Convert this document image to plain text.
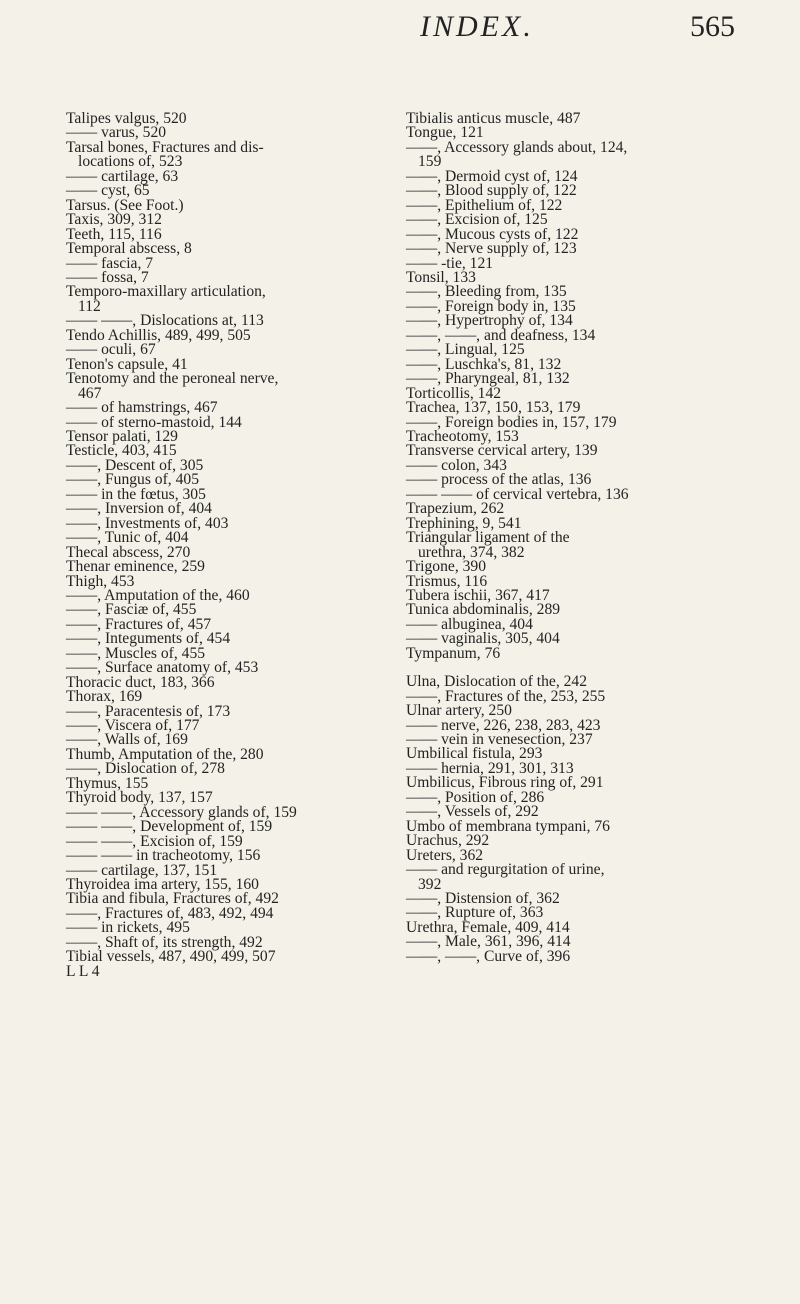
INDEX.	565
Talipes valgus, 520
—— varus, 520
Tarsal bones, Fractures and dis-
locations of, 523
—— cartilage, 63
—— cyst, 65
Tarsus. (See Foot.)
Taxis, 309, 312
Teeth, 115, 116
Temporal abscess, 8
—— fascia, 7
—— fossa, 7
Temporo-maxillary articulation,
112
—— ——, Dislocations at, 113
Tendo Achillis, 489, 499, 505
—— oculi, 67
Tenon's capsule, 41
Tenotomy and the peroneal nerve,
467
—— of hamstrings, 467
—— of sterno-mastoid, 144
Tensor palati, 129
Testicle, 403, 415
——, Descent of, 305
——, Fungus of, 405
—— in the fœtus, 305
——, Inversion of, 404
——, Investments of, 403
——, Tunic of, 404
Thecal abscess, 270
Thenar eminence, 259
Thigh, 453
——, Amputation of the, 460
——, Fasciæ of, 455
——, Fractures of, 457
——, Integuments of, 454
——, Muscles of, 455
——, Surface anatomy of, 453
Thoracic duct, 183, 366
Thorax, 169
——, Paracentesis of, 173
——, Viscera of, 177
——, Walls of, 169
Thumb, Amputation of the, 280
——, Dislocation of, 278
Thymus, 155
Thyroid body, 137, 157
—— ——, Accessory glands of, 159
—— ——, Development of, 159
—— ——, Excision of, 159
—— —— in tracheotomy, 156
—— cartilage, 137, 151
Thyroidea ima artery, 155, 160
Tibia and fibula, Fractures of, 492
——, Fractures of, 483, 492, 494
—— in rickets, 495
——, Shaft of, its strength, 492
Tibial vessels, 487, 490, 499, 507
L L 4
Tibialis anticus muscle, 487
Tongue, 121
——, Accessory glands about, 124,
159
——, Dermoid cyst of, 124
——, Blood supply of, 122
——, Epithelium of, 122
——, Excision of, 125
——, Mucous cysts of, 122
——, Nerve supply of, 123
—— -tie, 121
Tonsil, 133
——, Bleeding from, 135
——, Foreign body in, 135
——, Hypertrophy of, 134
——, ——, and deafness, 134
——, Lingual, 125
——, Luschka's, 81, 132
——, Pharyngeal, 81, 132
Torticollis, 142
Trachea, 137, 150, 153, 179
——, Foreign bodies in, 157, 179
Tracheotomy, 153
Transverse cervical artery, 139
—— colon, 343
—— process of the atlas, 136
—— —— of cervical vertebra, 136
Trapezium, 262
Trephining, 9, 541
Triangular ligament of the
urethra, 374, 382
Trigone, 390
Trismus, 116
Tubera ischii, 367, 417
Tunica abdominalis, 289
—— albuginea, 404
—— vaginalis, 305, 404
Tympanum, 76
Ulna, Dislocation of the, 242
——, Fractures of the, 253, 255
Ulnar artery, 250
—— nerve, 226, 238, 283, 423
—— vein in venesection, 237
Umbilical fistula, 293
—— hernia, 291, 301, 313
Umbilicus, Fibrous ring of, 291
——, Position of, 286
——, Vessels of, 292
Umbo of membrana tympani, 76
Urachus, 292
Ureters, 362
—— and regurgitation of urine,
392
——, Distension of, 362
——, Rupture of, 363
Urethra, Female, 409, 414
——, Male, 361, 396, 414
——, ——, Curve of, 396
